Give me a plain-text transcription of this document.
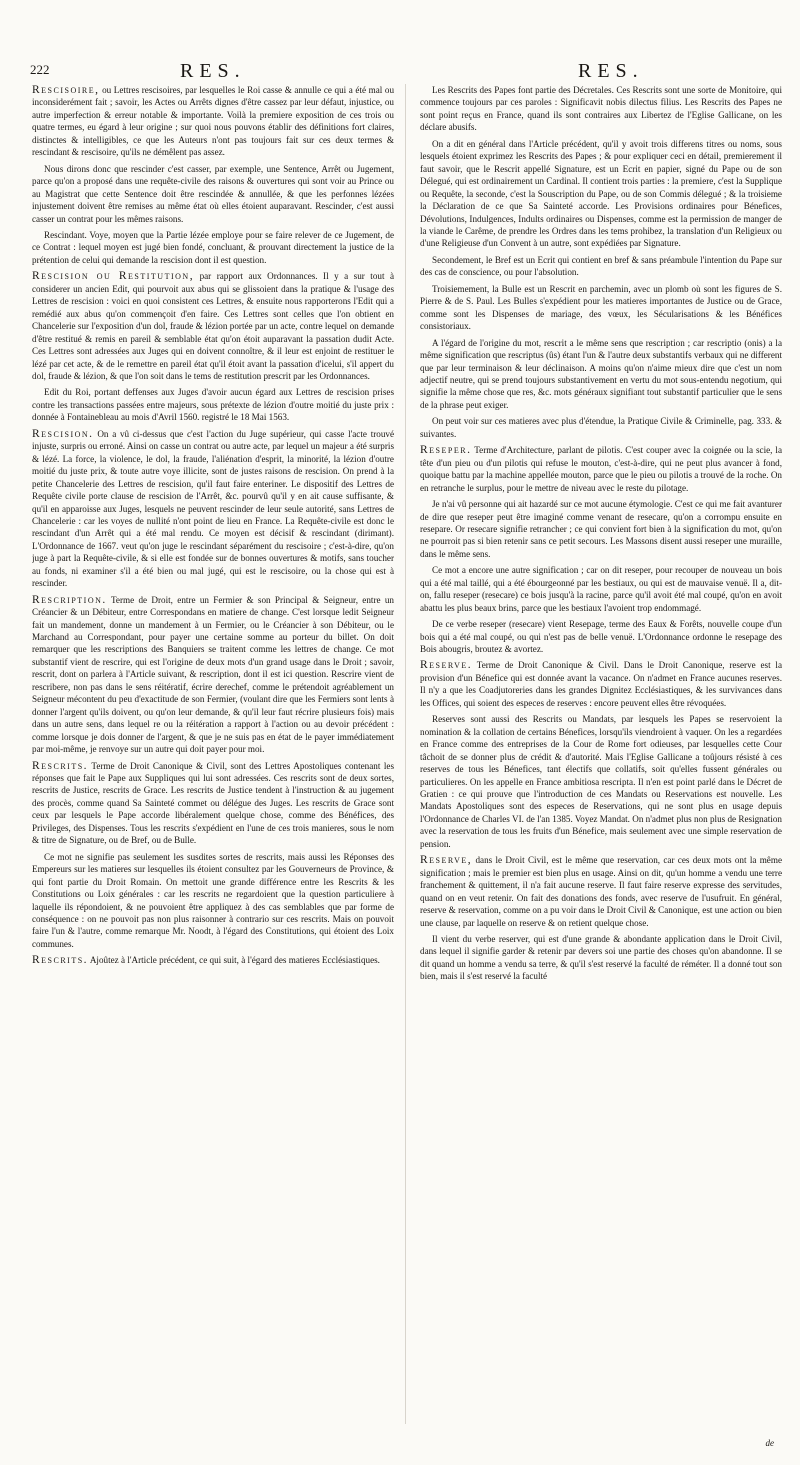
222	RES.	RES.

Rescisoire, ou Lettres rescisoires, par lesquelles le Roi casse & annulle ce qui a été mal ou inconsiderément fait ; savoir, les Actes ou Arrêts dignes d'être cassez par leur défaut, injustice, ou autre imperfection & erreur notable & importante. Voilà la premiere exposition de ces trois ou quatre termes, eu égard à leur origine ; sur quoi nous pouvons établir des définitions fort claires, distinctes & intelligibles, ce que les Auteurs n'ont pas toujours fait sur ces deux termes & rescindant & rescisoire, qu'ils ne démêlent pas assez.

Nous dirons donc que rescinder c'est casser, par exemple, une Sentence, Arrêt ou Jugement, parce qu'on a proposé dans une requête-civile des raisons & ouvertures qui sont voir au Prince ou au Magistrat que cette Sentence doit être rescindée & annullée, & que les perfonnes lézées injustement doivent être remises au même état où elles étoient auparavant. Rescinder, c'est aussi casser un contrat pour les mêmes raisons.

Rescindant. Voye, moyen que la Partie lézée employe pour se faire relever de ce Jugement, de ce Contrat : lequel moyen est jugé bien fondé, concluant, & prouvant directement la justice de la prétention de celui qui demande la rescision dont il est question.

Rescision ou Restitution, par rapport aux Ordonnances. Il y a sur tout à considerer un ancien Edit, qui pourvoit aux abus qui se glissoient dans la pratique & l'usage des Lettres de rescision : voici en quoi consistent ces Lettres, & ensuite nous rapporterons l'Edit qui a remédié aux abus qu'on commençoit d'en faire. Ces Lettres sont celles que l'on obtient en Chancelerie sur l'exposition d'un dol, fraude & lézion portée par un acte, contre lequel on demande d'être restitué & remis en pareil & semblable état qu'on étoit auparavant la passation dudit Acte. Ces Lettres sont adressées aux Juges qui en doivent connoître, & il leur est enjoint de restituer le lézé par cet acte, & de le remettre en pareil état qu'il étoit avant la passation d'icelui, s'il appert du dol, fraude & lézion, & que l'on soit dans le tems de restitution prescrit par les Ordonnances.

Edit du Roi, portant deffenses aux Juges d'avoir aucun égard aux Lettres de rescision prises contre les transactions passées entre majeurs, sous prétexte de lézion d'outre moitié du juste prix : donnée à Fontainebleau au mois d'Avril 1560. registré le 18 Mai 1563.

Rescision. On a vû ci-dessus que c'est l'action du Juge supérieur, qui casse l'acte trouvé injuste, surpris ou erroné. Ainsi on casse un contrat ou autre acte, par lequel un majeur a été surpris & lézé. La force, la violence, le dol, la fraude, l'aliénation d'esprit, la minorité, la lézion d'outre moitié du juste prix, & toute autre voye illicite, sont de justes raisons de rescision. On prend à la petite Chancelerie des Lettres de rescision, qu'il faut faire enteriner. Le dispositif des Lettres de Requête civile porte clause de rescision de l'Arrêt, &c. pourvû qu'il y en ait cause suffisante, & qu'il en apparoisse aux Juges, lesquels ne peuvent rescinder de leur seule autorité, sans Lettres de Chancelerie : car les voyes de nullité n'ont point de lieu en France. La Requête-civile est donc le rescindant d'un Arrêt qui a été mal rendu. Ce moyen est décisif & rescindant (dirimant). L'Ordonnance de 1667. veut qu'on juge le rescindant séparément du rescisoire ; c'est-à-dire, qu'on juge à part la Requête-civile, & si elle est fondée sur de bonnes ouvertures & motifs, sans toucher au fonds, ni examiner s'il a été bien ou mal jugé, qui est le rescisoire, ou la chose qui est à rescinder.

Rescription. Terme de Droit, entre un Fermier & son Principal & Seigneur, entre un Créancier & un Débiteur, entre Correspondans en matiere de change. C'est lorsque ledit Seigneur fait un mandement, donne un mandement à un Fermier, ou le Créancier à son Débiteur, ou le Marchand au Correspondant, pour payer une certaine somme au porteur du billet. On doit remarquer que les rescriptions des Banquiers se traitent comme les lettres de change. Ce mot substantif vient de rescrire, qui est l'origine de deux mots d'un grand usage dans le Droit ; savoir, rescrit, dont on parlera à l'Article suivant, & rescription, dont il est ici question. Rescrire vient de rescribere, non pas dans le sens réitératif, écrire derechef, comme le prétendoit agréablement un Seigneur mécontent du peu d'exactitude de son Fermier, (voulant dire que les Fermiers sont lents à donner l'argent qu'ils doivent, ou qu'on leur demande, & qu'il leur faut récrire plusieurs fois) mais dans un autre sens, dans lequel re ou la réitération a rapport à l'action ou au devoir précédent : comme lorsque je dois donner de l'argent, & que je ne suis pas en état de le payer immédiatement par moi-même, je renvoye sur un autre qui doit payer pour moi.

Rescrits. Terme de Droit Canonique & Civil, sont des Lettres Apostoliques contenant les réponses que fait le Pape aux Suppliques qui lui sont adressées. Ces rescrits sont de deux sortes, rescrits de Justice, rescrits de Grace. Les rescrits de Justice tendent à l'instruction & au jugement des procès, comme quand Sa Sainteté commet ou délégue des Juges. Les rescrits de Grace sont ceux par lesquels le Pape accorde libéralement quelque chose, comme des Bénéfices, des Privileges, des Dispenses. Tous les rescrits s'expédient en l'une de ces trois manieres, sous le nom & titre de Signature, ou de Bref, ou de Bulle.

Ce mot ne signifie pas seulement les susdites sortes de rescrits, mais aussi les Réponses des Empereurs sur les matieres sur lesquelles ils étoient consultez par les Gouverneurs de Province, & qui font partie du Droit Romain. On mettoit une grande différence entre les Rescrits & les Constitutions ou Loix générales : car les rescrits ne regardoient que la question particuliere à laquelle ils répondoient, & ne pouvoient être appliquez à des cas semblables que par forme de conséquence : on ne pouvoit pas non plus raisonner à contrario sur ces rescrits. Mais on pouvoit faire l'un & l'autre, comme remarque Mr. Noodt, à l'égard des Constitutions, qui étoient des Loix communes.

Rescrits. Ajoûtez à l'Article précédent, ce qui suit, à l'égard des matieres Ecclésiastiques.

Les Rescrits des Papes font partie des Décretales. Ces Rescrits sont une sorte de Monitoire, qui commence toujours par ces paroles : Significavit nobis dilectus filius. Les Rescrits des Papes ne sont point reçus en France, quand ils sont contraires aux Libertez de l'Eglise Gallicane, on les déclare abusifs.

On a dit en général dans l'Article précédent, qu'il y avoit trois differens titres ou noms, sous lesquels étoient exprimez les Rescrits des Papes ; & pour expliquer ceci en détail, premierement il faut savoir, que le Rescrit appellé Signature, est un Ecrit en papier, signé du Pape ou de son Délegué, qui est ordinairement un Cardinal. Il contient trois parties : la premiere, c'est la Supplique ou Requête, la seconde, c'est la Souscription du Pape, ou de son Commis délegué ; & la troisieme la Déclaration de ce que Sa Sainteté accorde. Les Provisions ordinaires pour Bénefices, Dévolutions, Indulgences, Indults ordinaires ou Dispenses, comme est la permission de manger de la viande le Carême, de prendre les Ordres dans les tems prohibez, la translation d'un Religieux ou d'une Religieuse d'un Convent à un autre, sont expédiées par Signature.

Secondement, le Bref est un Ecrit qui contient en bref & sans préambule l'intention du Pape sur des cas de conscience, ou pour l'absolution.

Troisiemement, la Bulle est un Rescrit en parchemin, avec un plomb où sont les figures de S. Pierre & de S. Paul. Les Bulles s'expédient pour les matieres importantes de Justice ou de Grace, comme sont les Dispenses de mariage, des vœux, les Sécularisations & les Bénéfices consistoriaux.

A l'égard de l'origine du mot, rescrit a le même sens que rescription ; car rescriptio (onis) a la même signification que rescriptus (ûs) étant l'un & l'autre deux substantifs verbaux qui ne different que par leur terminaison & leur déclinaison. A moins qu'on n'aime mieux dire que c'est un nom adjectif neutre, qui se prend toujours substantivement en vertu du mot sous-entendu negotium, qui signifie la même chose que res, &c. mots généraux signifiant tout substantif particulier que le sens de la phrase peut exiger.

On peut voir sur ces matieres avec plus d'étendue, la Pratique Civile & Criminelle, pag. 333. & suivantes.

Reseper. Terme d'Architecture, parlant de pilotis. C'est couper avec la coignée ou la scie, la tête d'un pieu ou d'un pilotis qui refuse le mouton, c'est-à-dire, qui ne peut plus avancer à fond, quoique battu par la machine appellée mouton, parce que le pieu ou pilotis a trouvé de la roche. On en retranche le surplus, pour le mettre de niveau avec le reste du pilotage.

Je n'ai vû personne qui ait hazardé sur ce mot aucune étymologie. C'est ce qui me fait avanturer de dire que reseper peut être imaginé comme venant de resecare, qu'on a corrompu ensuite en resepare. Or resecare signifie retrancher ; ce qui convient fort bien à la signification du mot, qu'on ne pourroit pas si bien retenir sans ce petit secours. Les Massons disent aussi reseper une muraille, dans le même sens.

Ce mot a encore une autre signification ; car on dit reseper, pour recouper de nouveau un bois qui a été mal taillé, qui a été ébourgeonné par les bestiaux, ou qui est de mauvaise venuë. Il a, dit-on, fallu reseper (resecare) ce bois jusqu'à la racine, parce qu'il avoit été mal coupé, qu'on en avoit abattu les plus beaux brins, parce que les bestiaux l'avoient trop endommagé.

De ce verbe reseper (resecare) vient Resepage, terme des Eaux & Forêts, nouvelle coupe d'un bois qui a été mal coupé, ou qui n'est pas de belle venuë. L'Ordonnance ordonne le resepage des Bois abougris, broutez & avortez.

Reserve. Terme de Droit Canonique & Civil. Dans le Droit Canonique, reserve est la provision d'un Bénefice qui est donnée avant la vacance. On n'admet en France aucunes reserves. Il n'y a que les Coadjutoreries dans les grandes Dignitez Ecclésiastiques, & les survivances dans les Offices, qui soient des especes de reserves : encore peuvent elles être révoquées.

Reserves sont aussi des Rescrits ou Mandats, par lesquels les Papes se reservoient la nomination & la collation de certains Bénefices, lorsqu'ils viendroient à vaquer. On les a regardées en France comme des entreprises de la Cour de Rome fort odieuses, par lesquelles cette Cour tâchoit de se donner plus de crédit & d'autorité. Mais l'Eglise Gallicane a toûjours résisté à ces reserves de tous les Bénefices, tant électifs que collatifs, soit qu'elles fussent générales ou particulieres. On les appelle en France ambitiosa rescripta. Il n'en est point parlé dans le Décret de Gratien : ce qui prouve que l'introduction de ces Mandats ou Reservations est nouvelle. Les Mandats Apostoliques sont des especes de Reservations, qui ne sont plus en usage depuis l'Ordonnance de Charles VI. de l'an 1385. Voyez Mandat. On n'admet plus non plus de Resignation avec la reservation de tous les fruits d'un Bénefice, mais seulement avec une simple reservation de pension.

Reserve, dans le Droit Civil, est le même que reservation, car ces deux mots ont la même signification ; mais le premier est bien plus en usage. Ainsi on dit, qu'un homme a vendu une terre franchement & quittement, il n'a fait aucune reserve. Il faut faire reserve expresse des servitudes, quand on en veut retenir. On fait des donations des fonds, avec reserve de l'usufruit. En général, reserve & reservation, comme on a pu voir dans le Droit Civil & Canonique, est une action ou bien une clause, par laquelle on reserve & on retient quelque chose.

Il vient du verbe reserver, qui est d'une grande & abondante application dans le Droit Civil, dans lequel il signifie garder & retenir par devers soi une partie des choses qu'on abandonne. Il se dit quand un homme a vendu sa terre, & qu'il s'est reservé la faculté de réméter. Il a donné tout son bien, mais il s'est reservé la faculté

de
